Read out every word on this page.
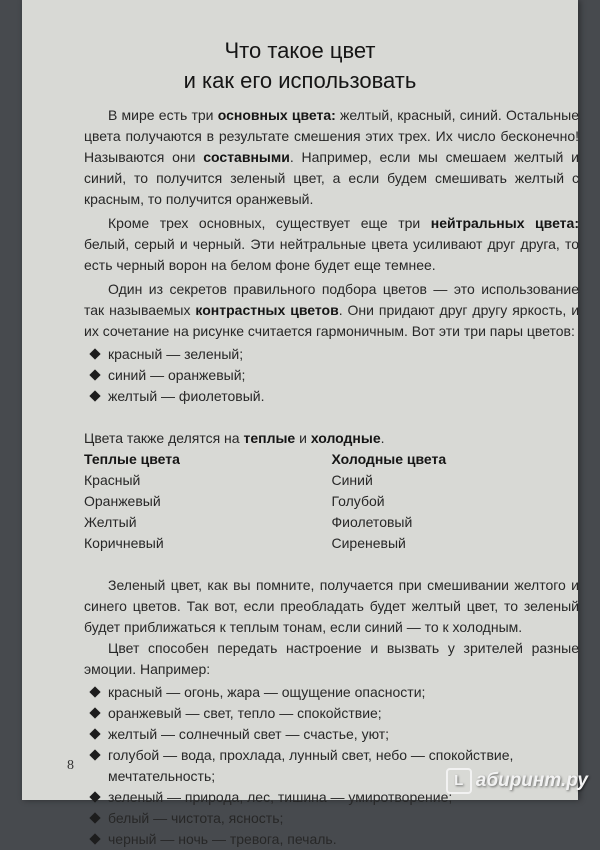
Что такое цвет
и как его использовать

В мире есть три основных цвета: желтый, красный, синий. Остальные цвета получаются в результате смешения этих трех. Их число бесконечно! Называются они составными. Например, если мы смешаем желтый и синий, то получится зеленый цвет, а если будем смешивать желтый с красным, то получится оранжевый.

Кроме трех основных, существует еще три нейтральных цвета: белый, серый и черный. Эти нейтральные цвета усиливают друг друга, то есть черный ворон на белом фоне будет еще темнее.

Один из секретов правильного подбора цветов — это использование так называемых контрастных цветов. Они придают друг другу яркость, и их сочетание на рисунке считается гармоничным. Вот эти три пары цветов:

красный — зеленый;
синий — оранжевый;
желтый — фиолетовый.

Цвета также делятся на теплые и холодные.

Теплые цвета
Красный
Оранжевый
Желтый
Коричневый
Холодные цвета
Синий
Голубой
Фиолетовый
Сиреневый

Зеленый цвет, как вы помните, получается при смешивании желтого и синего цветов. Так вот, если преобладать будет желтый цвет, то зеленый будет приближаться к теплым тонам, если синий — то к холодным.

Цвет способен передать настроение и вызвать у зрителей разные эмоции. Например:

красный — огонь, жара — ощущение опасности;
оранжевый — свет, тепло — спокойствие;
желтый — солнечный свет — счастье, уют;
голубой — вода, прохлада, лунный свет, небо — спокойствие, мечтательность;
зеленый — природа, лес, тишина — умиротворение;
белый — чистота, ясность;
черный — ночь — тревога, печаль.
8
L абиринт.ру
